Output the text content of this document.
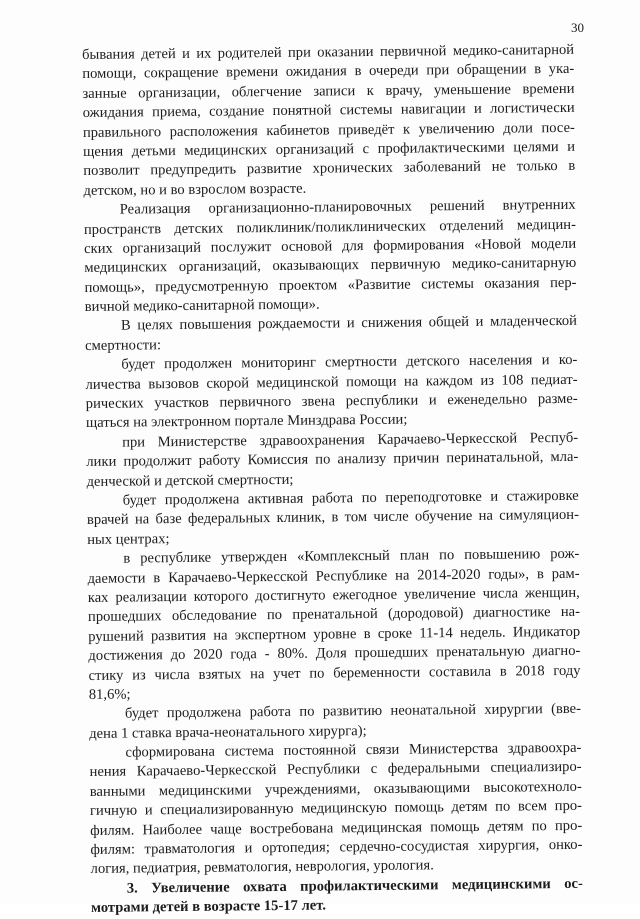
30
бывания детей и их родителей при оказании первичной медико-санитарной
помощи, сокращение времени ожидания в очереди при обращении в ука-
занные организации, облегчение записи к врачу, уменьшение времени
ожидания приема, создание понятной системы навигации и логистически
правильного расположения кабинетов приведёт к увеличению доли посе-
щения детьми медицинских организаций с профилактическими целями и
позволит предупредить развитие хронических заболеваний не только в
детском, но и во взрослом возрасте.
Реализация организационно-планировочных решений внутренних
пространств детских поликлиник/поликлинических отделений медицин-
ских организаций послужит основой для формирования «Новой модели
медицинских организаций, оказывающих первичную медико-санитарную
помощь», предусмотренную проектом «Развитие системы оказания пер-
вичной медико-санитарной помощи».
В целях повышения рождаемости и снижения общей и младенческой
смертности:
будет продолжен мониторинг смертности детского населения и ко-
личества вызовов скорой медицинской помощи на каждом из 108 педиат-
рических участков первичного звена республики и еженедельно разме-
щаться на электронном портале Минздрава России;
при Министерстве здравоохранения Карачаево-Черкесской Респуб-
лики продолжит работу Комиссия по анализу причин перинатальной, мла-
денческой и детской смертности;
будет продолжена активная работа по переподготовке и стажировке
врачей на базе федеральных клиник, в том числе обучение на симуляцион-
ных центрах;
в республике утвержден «Комплексный план по повышению рож-
даемости в Карачаево-Черкесской Республике на 2014-2020 годы», в рам-
ках реализации которого достигнуто ежегодное увеличение числа женщин,
прошедших обследование по пренатальной (дородовой) диагностике на-
рушений развития на экспертном уровне в сроке 11-14 недель. Индикатор
достижения до 2020 года - 80%. Доля прошедших пренатальную диагно-
стику из числа взятых на учет по беременности составила в 2018 году
81,6%;
будет продолжена работа по развитию неонатальной хирургии (вве-
дена 1 ставка врача-неонатального хирурга);
сформирована система постоянной связи Министерства здравоохра-
нения Карачаево-Черкесской Республики с федеральными специализиро-
ванными медицинскими учреждениями, оказывающими высокотехноло-
гичную и специализированную медицинскую помощь детям по всем про-
филям. Наиболее чаще востребована медицинская помощь детям по про-
филям: травматология и ортопедия; сердечно-сосудистая хирургия, онко-
логия, педиатрия, ревматология, неврология, урология.
3. Увеличение охвата профилактическими медицинскими ос-
мотрами детей в возрасте 15-17 лет.
